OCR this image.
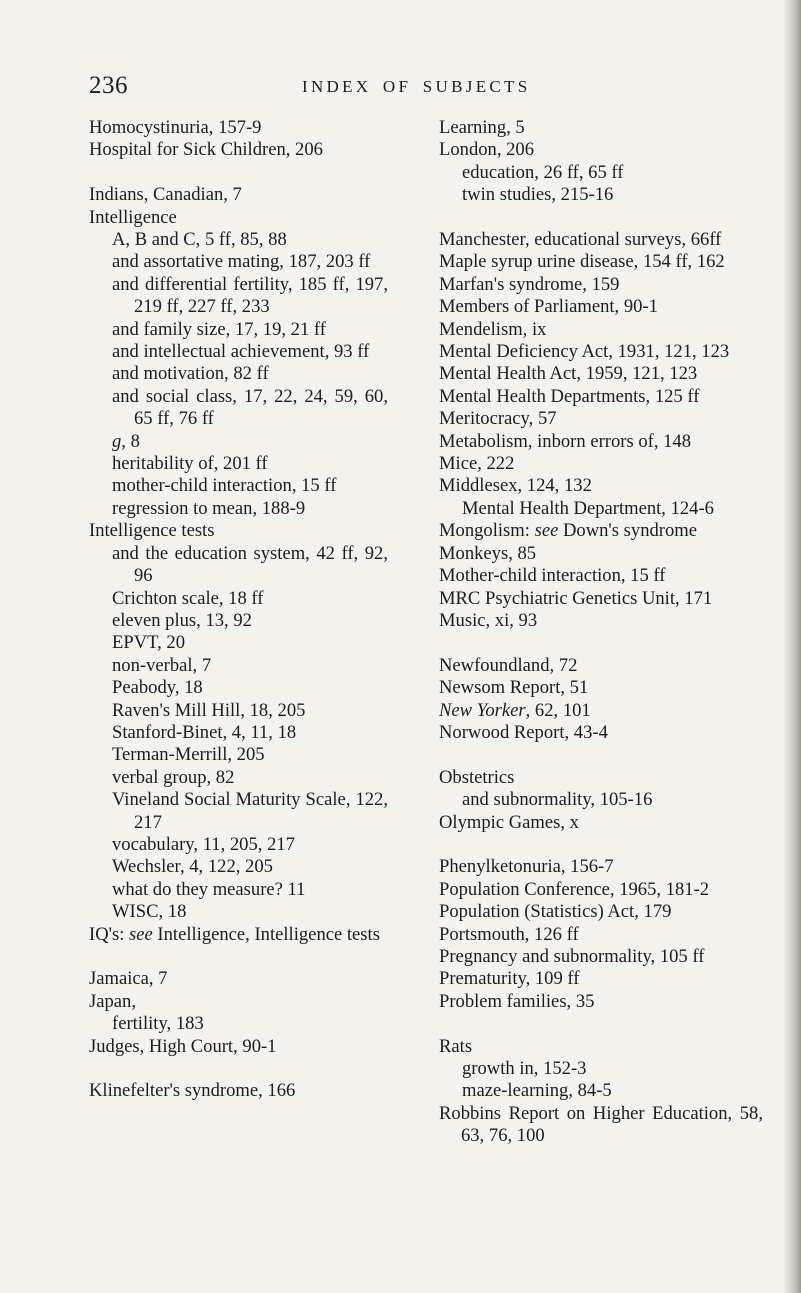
236	INDEX OF SUBJECTS
Homocystinuria, 157-9
Hospital for Sick Children, 206
Indians, Canadian, 7
Intelligence
A, B and C, 5 ff, 85, 88
and assortative mating, 187, 203 ff
and differential fertility, 185 ff, 197, 219 ff, 227 ff, 233
and family size, 17, 19, 21 ff
and intellectual achievement, 93 ff
and motivation, 82 ff
and social class, 17, 22, 24, 59, 60, 65 ff, 76 ff
g, 8
heritability of, 201 ff
mother-child interaction, 15 ff
regression to mean, 188-9
Intelligence tests
and the education system, 42 ff, 92, 96
Crichton scale, 18 ff
eleven plus, 13, 92
EPVT, 20
non-verbal, 7
Peabody, 18
Raven's Mill Hill, 18, 205
Stanford-Binet, 4, 11, 18
Terman-Merrill, 205
verbal group, 82
Vineland Social Maturity Scale, 122, 217
vocabulary, 11, 205, 217
Wechsler, 4, 122, 205
what do they measure? 11
WISC, 18
IQ's: see Intelligence, Intelligence tests
Jamaica, 7
Japan,
fertility, 183
Judges, High Court, 90-1
Klinefelter's syndrome, 166
Learning, 5
London, 206
education, 26 ff, 65 ff
twin studies, 215-16
Manchester, educational surveys, 66ff
Maple syrup urine disease, 154 ff, 162
Marfan's syndrome, 159
Members of Parliament, 90-1
Mendelism, ix
Mental Deficiency Act, 1931, 121, 123
Mental Health Act, 1959, 121, 123
Mental Health Departments, 125 ff
Meritocracy, 57
Metabolism, inborn errors of, 148
Mice, 222
Middlesex, 124, 132
Mental Health Department, 124-6
Mongolism: see Down's syndrome
Monkeys, 85
Mother-child interaction, 15 ff
MRC Psychiatric Genetics Unit, 171
Music, xi, 93
Newfoundland, 72
Newsom Report, 51
New Yorker, 62, 101
Norwood Report, 43-4
Obstetrics
and subnormality, 105-16
Olympic Games, x
Phenylketonuria, 156-7
Population Conference, 1965, 181-2
Population (Statistics) Act, 179
Portsmouth, 126 ff
Pregnancy and subnormality, 105 ff
Prematurity, 109 ff
Problem families, 35
Rats
growth in, 152-3
maze-learning, 84-5
Robbins Report on Higher Education, 58, 63, 76, 100
